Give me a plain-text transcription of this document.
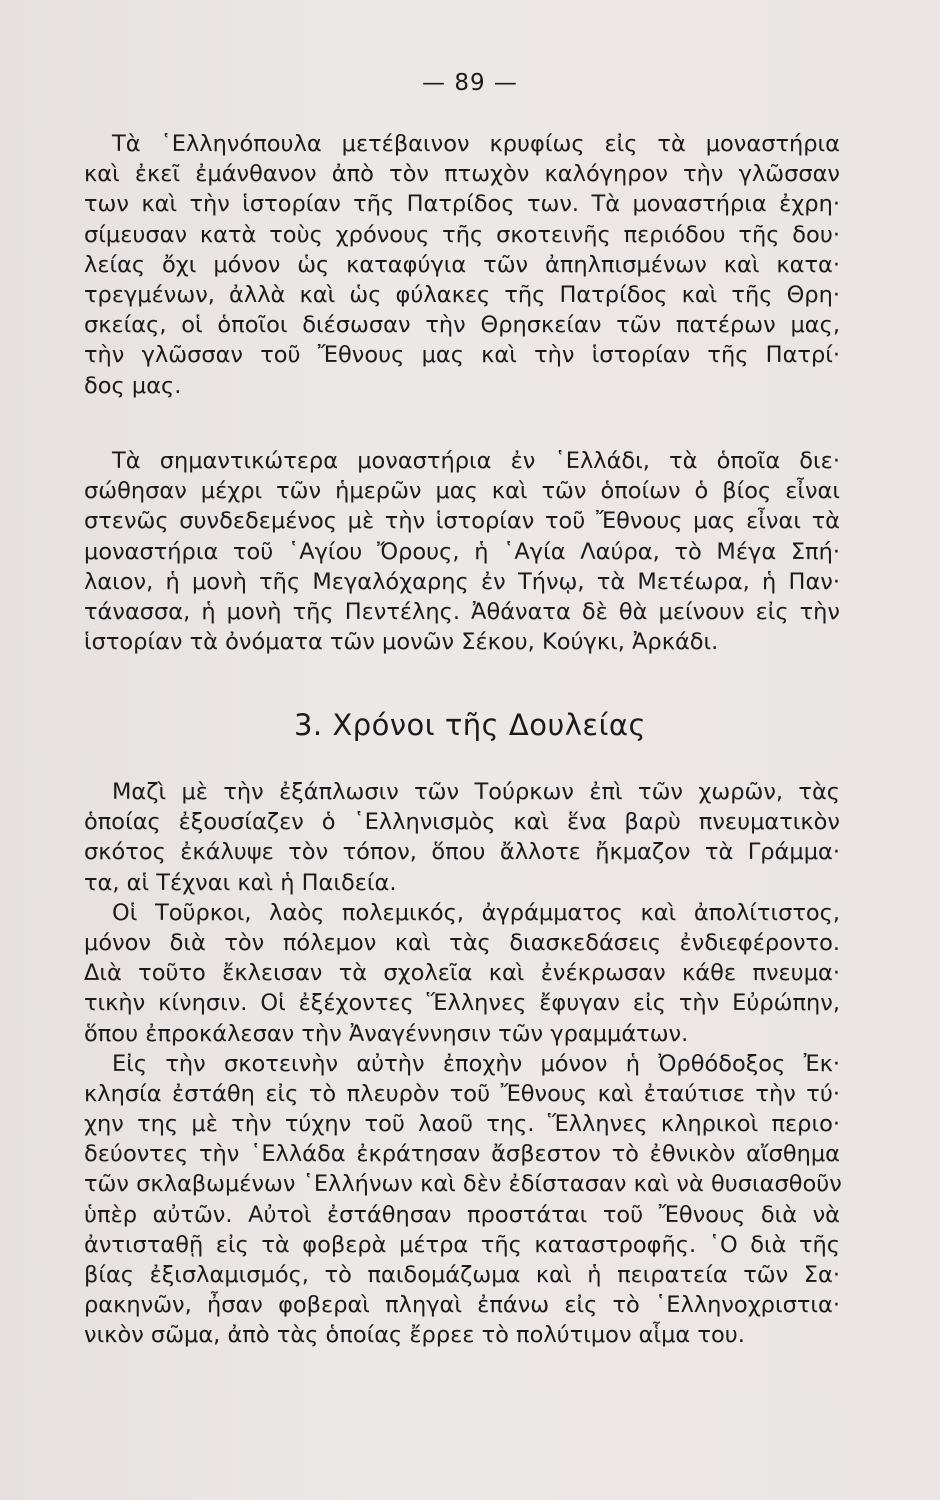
— 89 —
Τὰ ῾Ελληνόπουλα μετέβαινον κρυφίως εἰς τὰ μοναστήρια
καὶ ἐκεῖ ἐμάνθανον ἀπὸ τὸν πτωχὸν καλόγηρον τὴν γλῶσσαν
των καὶ τὴν ἱστορίαν τῆς Πατρίδος των. Τὰ μοναστήρια ἐχρη·
σίμευσαν κατὰ τοὺς χρόνους τῆς σκοτεινῆς περιόδου τῆς δου·
λείας ὄχι μόνον ὡς καταφύγια τῶν ἀπηλπισμένων καὶ κατα·
τρεγμένων, ἀλλὰ καὶ ὡς φύλακες τῆς Πατρίδος καὶ τῆς Θρη·
σκείας, οἱ ὁποῖοι διέσωσαν τὴν Θρησκείαν τῶν πατέρων μας,
τὴν γλῶσσαν τοῦ Ἔθνους μας καὶ τὴν ἱστορίαν τῆς Πατρί·
δος μας.
Τὰ σημαντικώτερα μοναστήρια ἐν ῾Ελλάδι, τὰ ὁποῖα διε·
σώθησαν μέχρι τῶν ἡμερῶν μας καὶ τῶν ὁποίων ὁ βίος εἶναι
στενῶς συνδεδεμένος μὲ τὴν ἱστορίαν τοῦ Ἔθνους μας εἶναι τὰ
μοναστήρια τοῦ ῾Αγίου Ὄρους, ἡ ῾Αγία Λαύρα, τὸ Μέγα Σπή·
λαιον, ἡ μονὴ τῆς Μεγαλόχαρης ἐν Τήνῳ, τὰ Μετέωρα, ἡ Παν·
τάνασσα, ἡ μονὴ τῆς Πεντέλης. Ἀθάνατα δὲ θὰ μείνουν εἰς τὴν
ἱστορίαν τὰ ὀνόματα τῶν μονῶν Σέκου, Κούγκι, Ἀρκάδι.
3. Χρόνοι τῆς Δουλείας
Μαζὶ μὲ τὴν ἐξάπλωσιν τῶν Τούρκων ἐπὶ τῶν χωρῶν, τὰς
ὁποίας ἐξουσίαζεν ὁ ῾Ελληνισμὸς καὶ ἕνα βαρὺ πνευματικὸν
σκότος ἐκάλυψε τὸν τόπον, ὅπου ἄλλοτε ἤκμαζον τὰ Γράμμα·
τα, αἱ Τέχναι καὶ ἡ Παιδεία.
Οἱ Τοῦρκοι, λαὸς πολεμικός, ἀγράμματος καὶ ἀπολίτιστος,
μόνον διὰ τὸν πόλεμον καὶ τὰς διασκεδάσεις ἐνδιεφέροντο.
Διὰ τοῦτο ἔκλεισαν τὰ σχολεῖα καὶ ἐνέκρωσαν κάθε πνευμα·
τικὴν κίνησιν. Οἱ ἐξέχοντες Ἕλληνες ἔφυγαν εἰς τὴν Εὐρώπην,
ὅπου ἐπροκάλεσαν τὴν Ἀναγέννησιν τῶν γραμμάτων.
Εἰς τὴν σκοτεινὴν αὐτὴν ἐποχὴν μόνον ἡ Ὀρθόδοξος Ἐκ·
κλησία ἐστάθη εἰς τὸ πλευρὸν τοῦ Ἔθνους καὶ ἐταύτισε τὴν τύ·
χην της μὲ τὴν τύχην τοῦ λαοῦ της. Ἕλληνες κληρικοὶ περιο·
δεύοντες τὴν ῾Ελλάδα ἐκράτησαν ἄσβεστον τὸ ἐθνικὸν αἴσθημα
τῶν σκλαβωμένων ῾Ελλήνων καὶ δὲν ἐδίστασαν καὶ νὰ θυσιασθοῦν
ὑπὲρ αὐτῶν. Αὐτοὶ ἐστάθησαν προστάται τοῦ Ἔθνους διὰ νὰ
ἀντισταθῇ εἰς τὰ φοβερὰ μέτρα τῆς καταστροφῆς. ῾Ο διὰ τῆς
βίας ἐξισλαμισμός, τὸ παιδομάζωμα καὶ ἡ πειρατεία τῶν Σα·
ρακηνῶν, ἦσαν φοβεραὶ πληγαὶ ἐπάνω εἰς τὸ ῾Ελληνοχριστια·
νικὸν σῶμα, ἀπὸ τὰς ὁποίας ἔρρεε τὸ πολύτιμον αἷμα του.
